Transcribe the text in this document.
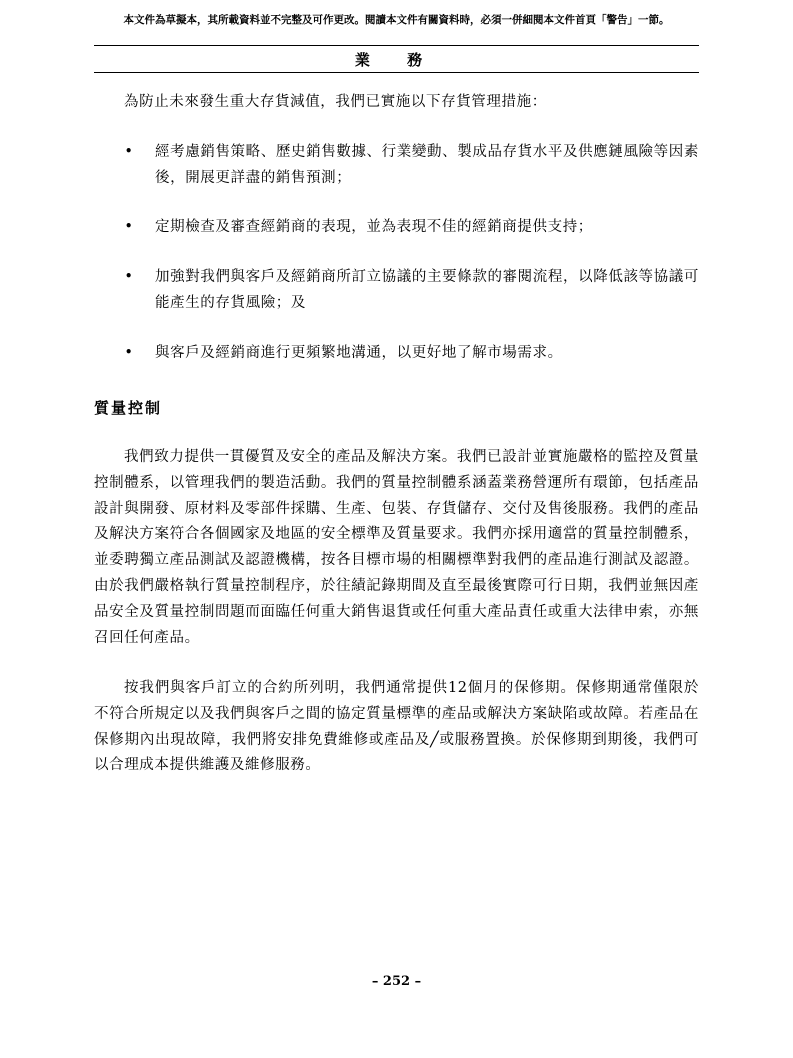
本文件為草擬本，其所載資料並不完整及可作更改。閱讀本文件有關資料時，必須一併細閱本文件首頁「警告」一節。
業 務
為防止未來發生重大存貨減值，我們已實施以下存貨管理措施：
• 經考慮銷售策略、歷史銷售數據、行業變動、製成品存貨水平及供應鏈風險等因素後，開展更詳盡的銷售預測；
• 定期檢查及審查經銷商的表現，並為表現不佳的經銷商提供支持；
• 加強對我們與客戶及經銷商所訂立協議的主要條款的審閱流程，以降低該等協議可能產生的存貨風險；及
• 與客戶及經銷商進行更頻繁地溝通，以更好地了解市場需求。
質量控制
我們致力提供一貫優質及安全的產品及解決方案。我們已設計並實施嚴格的監控及質量控制體系，以管理我們的製造活動。我們的質量控制體系涵蓋業務營運所有環節，包括產品設計與開發、原材料及零部件採購、生產、包裝、存貨儲存、交付及售後服務。我們的產品及解決方案符合各個國家及地區的安全標準及質量要求。我們亦採用適當的質量控制體系，並委聘獨立產品測試及認證機構，按各目標市場的相關標準對我們的產品進行測試及認證。由於我們嚴格執行質量控制程序，於往績記錄期間及直至最後實際可行日期，我們並無因產品安全及質量控制問題而面臨任何重大銷售退貨或任何重大產品責任或重大法律申索，亦無召回任何產品。
按我們與客戶訂立的合約所列明，我們通常提供12個月的保修期。保修期通常僅限於不符合所規定以及我們與客戶之間的協定質量標準的產品或解決方案缺陷或故障。若產品在保修期內出現故障，我們將安排免費維修或產品及╱或服務置換。於保修期到期後，我們可以合理成本提供維護及維修服務。
– 252 –
